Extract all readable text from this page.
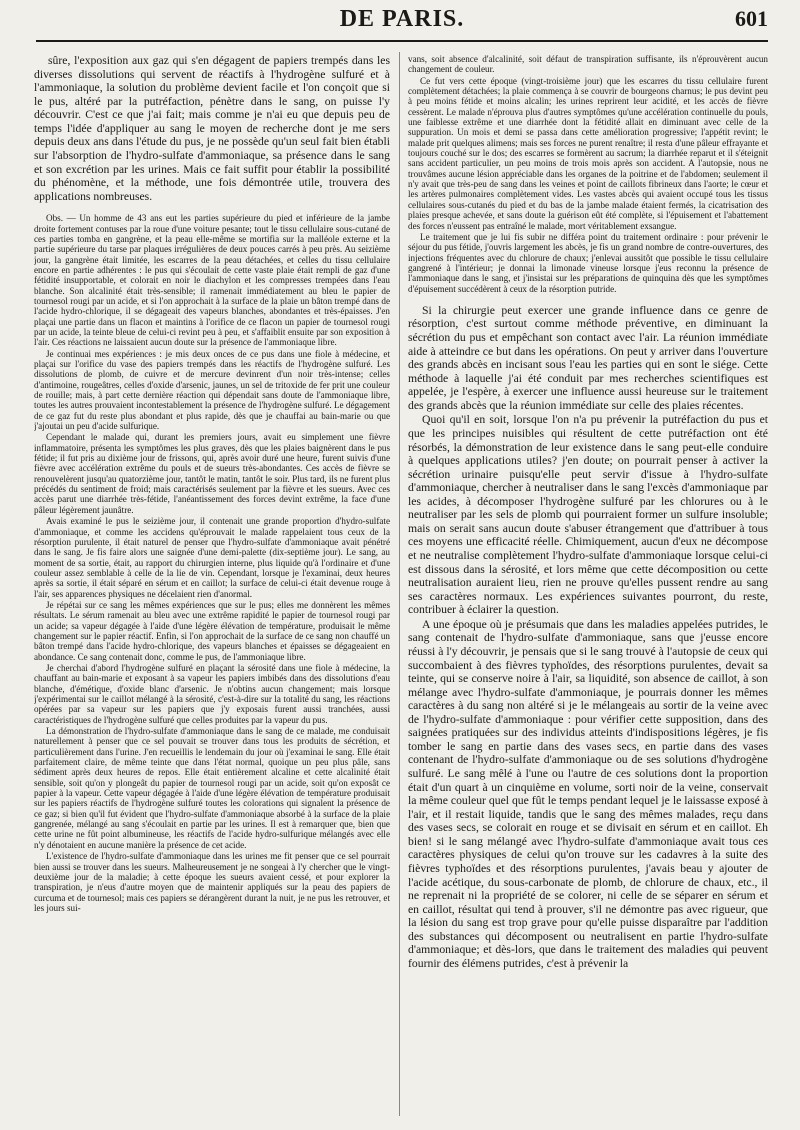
DE PARIS.	601

sûre, l'exposition aux gaz qui s'en dégagent de papiers trempés dans les diverses dissolutions qui servent de réactifs à l'hydrogène sulfuré et à l'ammoniaque, la solution du problème devient facile et l'on conçoit que si le pus, altéré par la putréfaction, pénètre dans le sang, on puisse l'y découvrir. C'est ce que j'ai fait; mais comme je n'ai eu que depuis peu de temps l'idée d'appliquer au sang le moyen de recherche dont je me sers depuis deux ans dans l'étude du pus, je ne possède qu'un seul fait bien établi sur l'absorption de l'hydro-sulfate d'ammoniaque, sa présence dans le sang et son excrétion par les urines. Mais ce fait suffit pour établir la possibilité du phénomène, et la méthode, une fois démontrée utile, trouvera des applications nombreuses.

Obs. — Un homme de 43 ans eut les parties supérieure du pied et inférieure de la jambe droite fortement contuses par la roue d'une voiture pesante; tout le tissu cellulaire sous-cutané de ces parties tomba en gangrène, et la peau elle-même se mortifia sur la malléole externe et la partie supérieure du tarse par plaques irrégulières de deux pouces carrés à peu près. Au seizième jour, la gangrène était limitée, les escarres de la peau détachées, et celles du tissu cellulaire encore en partie adhérentes : le pus qui s'écoulait de cette vaste plaie était rempli de gaz d'une fétidité insupportable, et colorait en noir le diachylon et les compresses trempées dans l'eau blanche. Son alcalinité était très-sensible; il ramenait immédiatement au bleu le papier de tournesol rougi par un acide, et si l'on approchait à la surface de la plaie un bâton trempé dans de l'acide hydro-chlorique, il se dégageait des vapeurs blanches, abondantes et très-épaisses. J'en plaçai une partie dans un flacon et maintins à l'orifice de ce flacon un papier de tournesol rougi par un acide, la teinte bleue de celui-ci revint peu à peu, et s'affaiblit ensuite par son exposition à l'air. Ces réactions ne laissaient aucun doute sur la présence de l'ammoniaque libre.

Je continuai mes expériences : je mis deux onces de ce pus dans une fiole à médecine, et plaçai sur l'orifice du vase des papiers trempés dans les réactifs de l'hydrogène sulfuré. Les dissolutions de plomb, de cuivre et de mercure devinrent d'un noir très-intense; celles d'antimoine, rougeâtres, celles d'oxide d'arsenic, jaunes, un sel de tritoxide de fer prit une couleur de rouille; mais, à part cette dernière réaction qui dépendait sans doute de l'ammoniaque libre, toutes les autres prouvaient incontestablement la présence de l'hydrogène sulfuré. Le dégagement de ce gaz fut du reste plus abondant et plus rapide, dès que je chauffai au bain-marie ou que j'ajoutai un peu d'acide sulfurique.

Cependant le malade qui, durant les premiers jours, avait eu simplement une fièvre inflammatoire, présenta les symptômes les plus graves, dès que les plaies baignèrent dans le pus fétide; il fut pris au dixième jour de frissons, qui, après avoir duré une heure, furent suivis d'une fièvre avec accélération extrême du pouls et de sueurs très-abondantes. Ces accès de fièvre se renouvelèrent jusqu'au quatorzième jour, tantôt le matin, tantôt le soir. Plus tard, ils ne furent plus précédés du sentiment de froid; mais caractérisés seulement par la fièvre et les sueurs. Avec ces accès parut une diarrhée très-fétide, l'anéantissement des forces devint extrême, la face d'une pâleur légèrement jaunâtre.

Avais examiné le pus le seizième jour, il contenait une grande proportion d'hydro-sulfate d'ammoniaque, et comme les accidens qu'éprouvait le malade rappelaient tous ceux de la résorption purulente, il était naturel de penser que l'hydro-sulfate d'ammoniaque avait pénétré dans le sang. Je fis faire alors une saignée d'une demi-palette (dix-septième jour). Le sang, au moment de sa sortie, était, au rapport du chirurgien interne, plus liquide qu'à l'ordinaire et d'une couleur assez semblable à celle de la lie de vin. Cependant, lorsque je l'examinai, deux heures après sa sortie, il était séparé en sérum et en caillot; la surface de celui-ci était devenue rouge à l'air, ses apparences physiques ne décelaient rien d'anormal.

Je répétai sur ce sang les mêmes expériences que sur le pus; elles me donnèrent les mêmes résultats. Le sérum ramenait au bleu avec une extrême rapidité le papier de tournesol rougi par un acide; sa vapeur dégagée à l'aide d'une légère élévation de température, produisait le même changement sur le papier réactif. Enfin, si l'on approchait de la surface de ce sang non chauffé un bâton trempé dans l'acide hydro-chlorique, des vapeurs blanches et épaisses se dégageaient en abondance. Ce sang contenait donc, comme le pus, de l'ammoniaque libre.

Je cherchai d'abord l'hydrogène sulfuré en plaçant la sérosité dans une fiole à médecine, la chauffant au bain-marie et exposant à sa vapeur les papiers imbibés dans des dissolutions d'eau blanche, d'émétique, d'oxide blanc d'arsenic. Je n'obtins aucun changement; mais lorsque j'expérimentai sur le caillot mélangé à la sérosité, c'est-à-dire sur la totalité du sang, les réactions opérées par sa vapeur sur les papiers que j'y exposais furent aussi tranchées, aussi caractéristiques de l'hydrogène sulfuré que celles produites par la vapeur du pus.

La démonstration de l'hydro-sulfate d'ammoniaque dans le sang de ce malade, me conduisait naturellement à penser que ce sel pouvait se trouver dans tous les produits de sécrétion, et particulièrement dans l'urine. J'en recueillis le lendemain du jour où j'examinai le sang. Elle était parfaitement claire, de même teinte que dans l'état normal, quoique un peu plus pâle, sans sédiment après deux heures de repos. Elle était entièrement alcaline et cette alcalinité était sensible, soit qu'on y plongeât du papier de tournesol rougi par un acide, soit qu'on exposât ce papier à la vapeur. Cette vapeur dégagée à l'aide d'une légère élévation de température produisait sur les papiers réactifs de l'hydrogène sulfuré toutes les colorations qui signalent la présence de ce gaz; si bien qu'il fut évident que l'hydro-sulfate d'ammoniaque absorbé à la surface de la plaie gangrenée, mélangé au sang s'écoulait en partie par les urines. Il est à remarquer que, bien que cette urine ne fût point albumineuse, les réactifs de l'acide hydro-sulfurique mélangés avec elle n'y dénotaient en aucune manière la présence de cet acide.

L'existence de l'hydro-sulfate d'ammoniaque dans les urines me fit penser que ce sel pourrait bien aussi se trouver dans les sueurs. Malheureusement je ne songeai à l'y chercher que le vingt-deuxième jour de la maladie; à cette époque les sueurs avaient cessé, et pour explorer la transpiration, je n'eus d'autre moyen que de maintenir appliqués sur la peau des papiers de curcuma et de tournesol; mais ces papiers se dérangèrent durant la nuit, je ne pus les retrouver, et les jours sui-

vans, soit absence d'alcalinité, soit défaut de transpiration suffisante, ils n'éprouvèrent aucun changement de couleur.

Ce fut vers cette époque (vingt-troisième jour) que les escarres du tissu cellulaire furent complètement détachées; la plaie commença à se couvrir de bourgeons charnus; le pus devint peu à peu moins fétide et moins alcalin; les urines reprirent leur acidité, et les accès de fièvre cessèrent. Le malade n'éprouva plus d'autres symptômes qu'une accélération continuelle du pouls, une faiblesse extrême et une diarrhée dont la fétidité allait en diminuant avec celle de la suppuration. Un mois et demi se passa dans cette amélioration progressive; l'appétit revint; le malade prit quelques alimens; mais ses forces ne purent renaître; il resta d'une pâleur effrayante et toujours couché sur le dos; des escarres se formèrent au sacrum; la diarrhée reparut et il s'éteignit sans accident particulier, un peu moins de trois mois après son accident. A l'autopsie, nous ne trouvâmes aucune lésion appréciable dans les organes de la poitrine et de l'abdomen; seulement il n'y avait que très-peu de sang dans les veines et point de caillots fibrineux dans l'aorte; le cœur et les artères pulmonaires complètement vides. Les vastes abcès qui avaient occupé tous les tissus cellulaires sous-cutanés du pied et du bas de la jambe malade étaient fermés, la cicatrisation des plaies presque achevée, et sans doute la guérison eût été complète, si l'épuisement et l'abattement des forces n'eussent pas entraîné le malade, mort véritablement exsangue.

Le traitement que je lui fis subir ne différa point du traitement ordinaire : pour prévenir le séjour du pus fétide, j'ouvris largement les abcès, je fis un grand nombre de contre-ouvertures, des injections fréquentes avec du chlorure de chaux; j'enlevai aussitôt que possible le tissu cellulaire gangrené à l'intérieur; je donnai la limonade vineuse lorsque j'eus reconnu la présence de l'ammoniaque dans le sang, et j'insistai sur les préparations de quinquina dès que les symptômes d'épuisement succédèrent à ceux de la résorption putride.

Si la chirurgie peut exercer une grande influence dans ce genre de résorption, c'est surtout comme méthode préventive, en diminuant la sécrétion du pus et empêchant son contact avec l'air. La réunion immédiate aide à atteindre ce but dans les opérations. On peut y arriver dans l'ouverture des grands abcès en incisant sous l'eau les parties qui en sont le siége. Cette méthode à laquelle j'ai été conduit par mes recherches scientifiques est appelée, je l'espère, à exercer une influence aussi heureuse sur le traitement des grands abcès que la réunion immédiate sur celle des plaies récentes.

Quoi qu'il en soit, lorsque l'on n'a pu prévenir la putréfaction du pus et que les principes nuisibles qui résultent de cette putréfaction ont été résorbés, la démonstration de leur existence dans le sang peut-elle conduire à quelques applications utiles? j'en doute; on pourrait penser à activer la sécrétion urinaire puisqu'elle peut servir d'issue à l'hydro-sulfate d'ammoniaque, chercher à neutraliser dans le sang l'excès d'ammoniaque par les acides, à décomposer l'hydrogène sulfuré par les chlorures ou à le neutraliser par les sels de plomb qui pourraient former un sulfure insoluble; mais on serait sans aucun doute s'abuser étrangement que d'attribuer à tous ces moyens une efficacité réelle. Chimiquement, aucun d'eux ne décompose et ne neutralise complètement l'hydro-sulfate d'ammoniaque lorsque celui-ci est dissous dans la sérosité, et lors même que cette décomposition ou cette neutralisation auraient lieu, rien ne prouve qu'elles pussent rendre au sang ses caractères normaux. Les expériences suivantes pourront, du reste, contribuer à éclairer la question.

A une époque où je présumais que dans les maladies appelées putrides, le sang contenait de l'hydro-sulfate d'ammoniaque, sans que j'eusse encore réussi à l'y découvrir, je pensais que si le sang trouvé à l'autopsie de ceux qui succombaient à des fièvres typhoïdes, des résorptions purulentes, devait sa teinte, qui se conserve noire à l'air, sa liquidité, son absence de caillot, à son mélange avec l'hydro-sulfate d'ammoniaque, je pourrais donner les mêmes caractères à du sang non altéré si je le mélangeais au sortir de la veine avec de l'hydro-sulfate d'ammoniaque : pour vérifier cette supposition, dans des saignées pratiquées sur des individus atteints d'indispositions légères, je fis tomber le sang en partie dans des vases secs, en partie dans des vases contenant de l'hydro-sulfate d'ammoniaque ou de ses solutions d'hydrogène sulfuré. Le sang mêlé à l'une ou l'autre de ces solutions dont la proportion était d'un quart à un cinquième en volume, sorti noir de la veine, conservait la même couleur quel que fût le temps pendant lequel je le laissasse exposé à l'air, et il restait liquide, tandis que le sang des mêmes malades, reçu dans des vases secs, se colorait en rouge et se divisait en sérum et en caillot. Eh bien! si le sang mélangé avec l'hydro-sulfate d'ammoniaque avait tous ces caractères physiques de celui qu'on trouve sur les cadavres à la suite des fièvres typhoïdes et des résorptions purulentes, j'avais beau y ajouter de l'acide acétique, du sous-carbonate de plomb, de chlorure de chaux, etc., il ne reprenait ni la propriété de se colorer, ni celle de se séparer en sérum et en caillot, résultat qui tend à prouver, s'il ne démontre pas avec rigueur, que la lésion du sang est trop grave pour qu'elle puisse disparaître par l'addition des substances qui décomposent ou neutralisent en partie l'hydro-sulfate d'ammoniaque; et dès-lors, que dans le traitement des maladies qui peuvent fournir des élémens putrides, c'est à prévenir la
